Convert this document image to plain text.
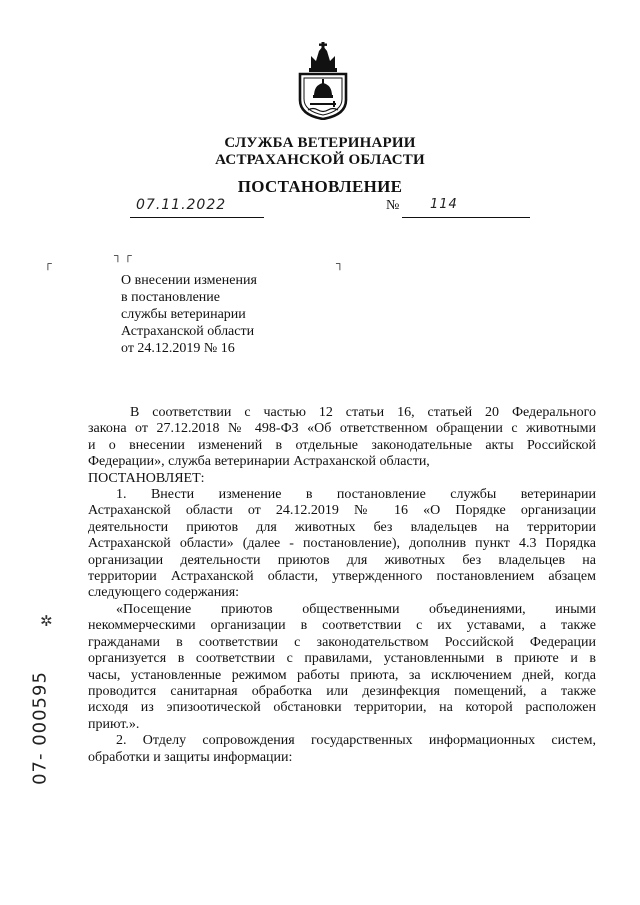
СЛУЖБА ВЕТЕРИНАРИИ
АСТРАХАНСКОЙ ОБЛАСТИ
ПОСТАНОВЛЕНИЕ
07.11.2022	№ 114
┌
┐ ┌
┐
О внесении изменения
в постановление
службы ветеринарии
Астраханской области
от 24.12.2019 № 16
В соответствии с частью 12 статьи 16, статьей 20 Федерального
закона от 27.12.2018 № 498-ФЗ «Об ответственном обращении с животными
и о внесении изменений в отдельные законодательные акты Российской
Федерации», служба ветеринарии Астраханской области,
ПОСТАНОВЛЯЕТ:
1. Внести изменение в постановление службы ветеринарии
Астраханской области от 24.12.2019 № 16 «О Порядке организации
деятельности приютов для животных без владельцев на территории
Астраханской области» (далее - постановление), дополнив пункт 4.3 Порядка
организации деятельности приютов для животных без владельцев на
территории Астраханской области, утвержденного постановлением абзацем
следующего содержания:
«Посещение приютов общественными объединениями, иными
некоммерческими организации в соответствии с их уставами, а также
гражданами в соответствии с законодательством Российской Федерации
организуется в соответствии с правилами, установленными в приюте и в
часы, установленные режимом работы приюта, за исключением дней, когда
проводится санитарная обработка или дезинфекция помещений, а также
исходя из эпизоотической обстановки территории, на которой расположен
приют.».
2. Отделу сопровождения государственных информационных систем,
обработки и защиты информации:
✲
07- 000595
